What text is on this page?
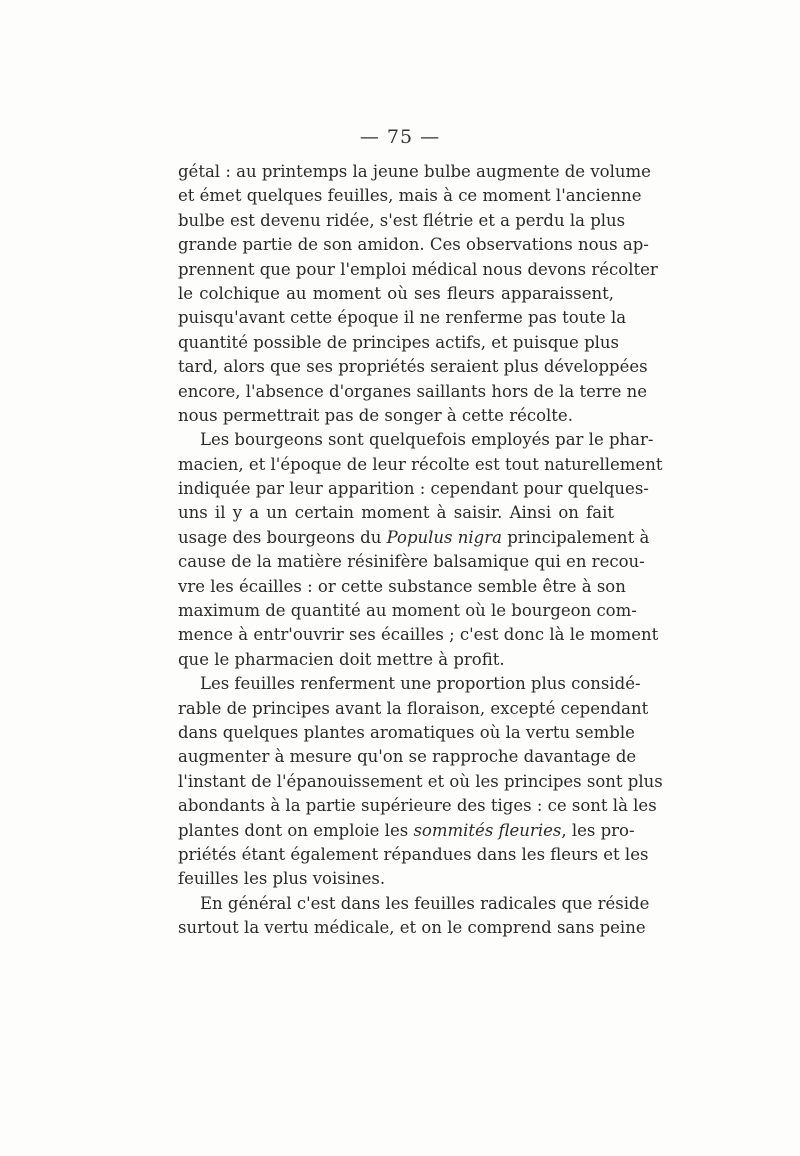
— 75 —
gétal : au printemps la jeune bulbe augmente de volume
et émet quelques feuilles, mais à ce moment l'ancienne
bulbe est devenu ridée, s'est flétrie et a perdu la plus
grande partie de son amidon. Ces observations nous ap-
prennent que pour l'emploi médical nous devons récolter
le colchique au moment où ses fleurs apparaissent,
puisqu'avant cette époque il ne renferme pas toute la
quantité possible de principes actifs, et puisque plus
tard, alors que ses propriétés seraient plus développées
encore, l'absence d'organes saillants hors de la terre ne
nous permettrait pas de songer à cette récolte.
Les bourgeons sont quelquefois employés par le phar-
macien, et l'époque de leur récolte est tout naturellement
indiquée par leur apparition : cependant pour quelques-
uns il y a un certain moment à saisir. Ainsi on fait
usage des bourgeons du Populus nigra principalement à
cause de la matière résinifère balsamique qui en recou-
vre les écailles : or cette substance semble être à son
maximum de quantité au moment où le bourgeon com-
mence à entr'ouvrir ses écailles ; c'est donc là le moment
que le pharmacien doit mettre à profit.
Les feuilles renferment une proportion plus considé-
rable de principes avant la floraison, excepté cependant
dans quelques plantes aromatiques où la vertu semble
augmenter à mesure qu'on se rapproche davantage de
l'instant de l'épanouissement et où les principes sont plus
abondants à la partie supérieure des tiges : ce sont là les
plantes dont on emploie les sommités fleuries, les pro-
priétés étant également répandues dans les fleurs et les
feuilles les plus voisines.
En général c'est dans les feuilles radicales que réside
surtout la vertu médicale, et on le comprend sans peine
